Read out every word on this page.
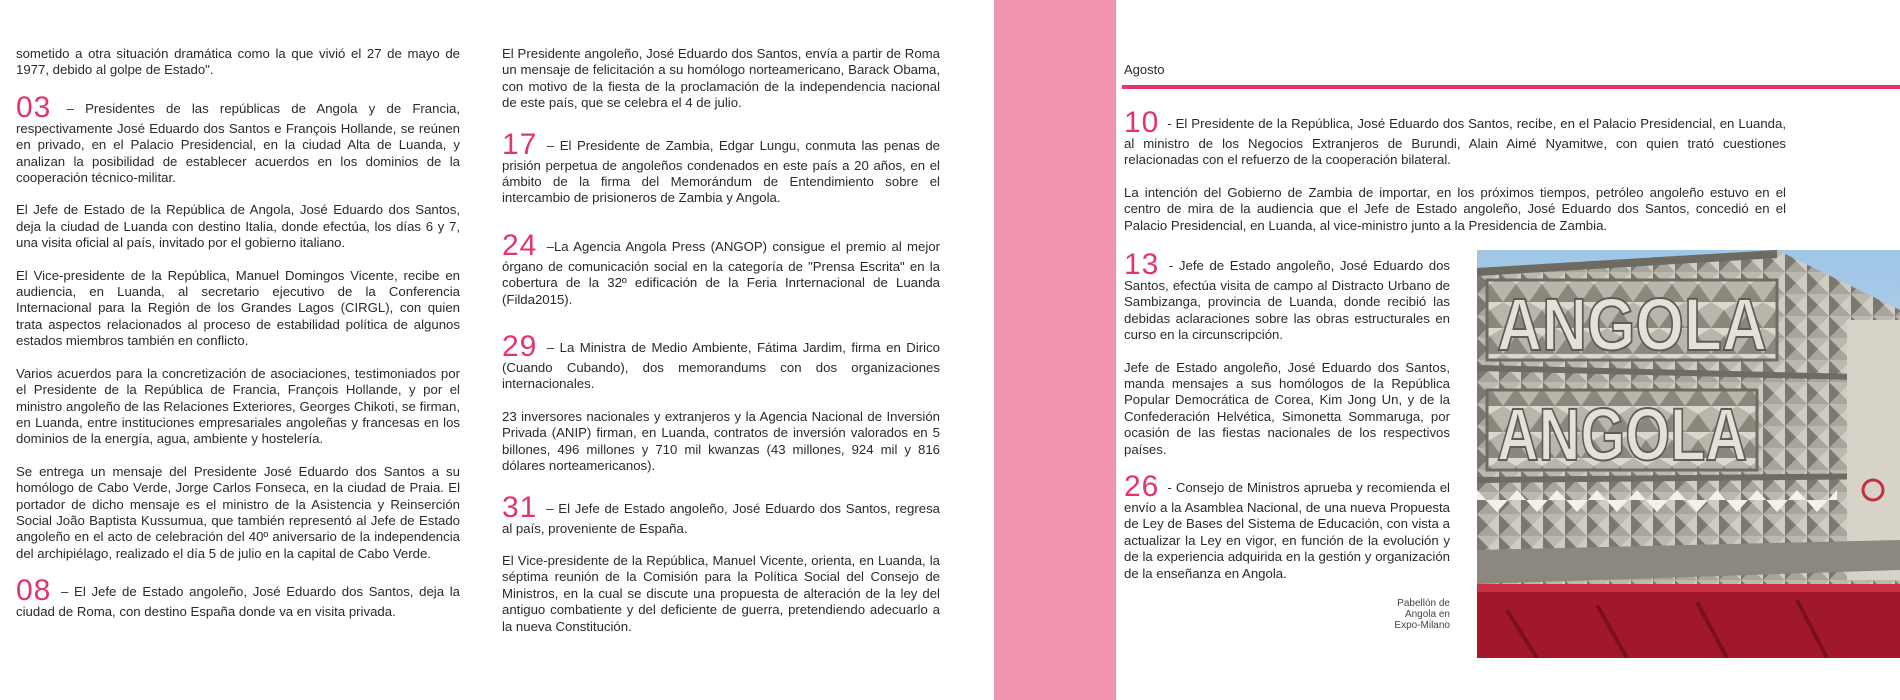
sometido a otra situación dramática como la que vivió el 27 de mayo de 1977, debido al golpe de Estado".

03 – Presidentes de las repúblicas de Angola y de Francia, respectivamente José Eduardo dos Santos e François Hollande, se reúnen en privado, en el Palacio Presidencial, en la ciudad Alta de Luanda, y analizan la posibilidad de establecer acuerdos en los dominios de la cooperación técnico-militar.

El Jefe de Estado de la República de Angola, José Eduardo dos Santos, deja la ciudad de Luanda con destino Italia, donde efectúa, los días 6 y 7, una visita oficial al país, invitado por el gobierno italiano.

El Vice-presidente de la República, Manuel Domingos Vicente, recibe en audiencia, en Luanda, al secretario ejecutivo de la Conferencia Internacional para la Región de los Grandes Lagos (CIRGL), con quien trata aspectos relacionados al proceso de estabilidad política de algunos estados miembros también en conflicto.

Varios acuerdos para la concretización de asociaciones, testimoniados por el Presidente de la República de Francia, François Hollande, y por el ministro angoleño de las Relaciones Exteriores, Georges Chikoti, se firman, en Luanda, entre instituciones empresariales angoleñas y francesas en los dominios de la energía, agua, ambiente y hostelería.

Se entrega un mensaje del Presidente José Eduardo dos Santos a su homólogo de Cabo Verde, Jorge Carlos Fonseca, en la ciudad de Praia. El portador de dicho mensaje es el ministro de la Asistencia y Reinserción Social João Baptista Kussumua, que también representó al Jefe de Estado angoleño en el acto de celebración del 40º aniversario de la independencia del archipiélago, realizado el día 5 de julio en la capital de Cabo Verde.

08 – El Jefe de Estado angoleño, José Eduardo dos Santos, deja la ciudad de Roma, con destino España donde va en visita privada.

El Presidente angoleño, José Eduardo dos Santos, envía a partir de Roma un mensaje de felicitación a su homólogo norteamericano, Barack Obama, con motivo de la fiesta de la proclamación de la independencia nacional de este país, que se celebra el 4 de julio.

17 – El Presidente de Zambia, Edgar Lungu, conmuta las penas de prisión perpetua de angoleños condenados en este país a 20 años, en el ámbito de la firma del Memorándum de Entendimiento sobre el intercambio de prisioneros de Zambia y Angola.

24 –La Agencia Angola Press (ANGOP) consigue el premio al mejor órgano de comunicación social en la categoría de "Prensa Escrita" en la cobertura de la 32º edificación de la Feria Inrternacional de Luanda (Filda2015).

29 – La Ministra de Medio Ambiente, Fátima Jardim, firma en Dirico (Cuando Cubando), dos memorandums con dos organizaciones internacionales.

23 inversores nacionales y extranjeros y la Agencia Nacional de Inversión Privada (ANIP) firman, en Luanda, contratos de inversión valorados en 5 billones, 496 millones y 710 mil kwanzas (43 millones, 924 mil y 816 dólares norteamericanos).

31 – El Jefe de Estado angoleño, José Eduardo dos Santos, regresa al país, proveniente de España.

El Vice-presidente de la República, Manuel Vicente, orienta, en Luanda, la séptima reunión de la Comisión para la Política Social del Consejo de Ministros, en la cual se discute una propuesta de alteración de la ley del antiguo combatiente y del deficiente de guerra, pretendiendo adecuarlo a la nueva Constitución.

Agosto

10 - El Presidente de la República, José Eduardo dos Santos, recibe, en el Palacio Presidencial, en Luanda, al ministro de los Negocios Extranjeros de Burundi, Alain Aimé Nyamitwe, con quien trató cuestiones relacionadas con el refuerzo de la cooperación bilateral.

La intención del Gobierno de Zambia de importar, en los próximos tiempos, petróleo angoleño estuvo en el centro de mira de la audiencia que el Jefe de Estado angoleño, José Eduardo dos Santos, concedió en el Palacio Presidencial, en Luanda, al vice-ministro junto a la Presidencia de Zambia.

13 - Jefe de Estado angoleño, José Eduardo dos Santos, efectúa visita de campo al Distracto Urbano de Sambizanga, provincia de Luanda, donde recibió las debidas aclaraciones sobre las obras estructurales en curso en la circunscripción.

Jefe de Estado angoleño, José Eduardo dos Santos, manda mensajes a sus homólogos de la República Popular Democrática de Corea, Kim Jong Un, y de la Confederación Helvética, Simonetta Sommaruga, por ocasión de las fiestas nacionales de los respectivos países.

26 - Consejo de Ministros aprueba y recomienda el envío a la Asamblea Nacional, de una nueva Propuesta de Ley de Bases del Sistema de Educación, con vista a actualizar la Ley en vigor, en función de la evolución y de la experiencia adquirida en la gestión y organización de la enseñanza en Angola.

ANGOLA
ANGOLA
Pabellón de Angola en Expo-Milano
